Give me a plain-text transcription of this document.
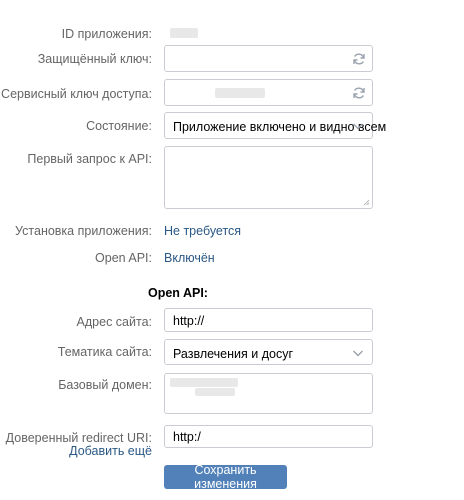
ID приложения:
Защищённый ключ:
Сервисный ключ доступа:
Состояние: Приложение включено и видно всем
Первый запрос к API:
Установка приложения: Не требуется
Open API: Включён
Open API:
Адрес сайта: http://
Тематика сайта: Развлечения и досуг
Базовый домен:
Доверенный redirect URI:
Добавить ещё
http:/
Сохранить изменения
